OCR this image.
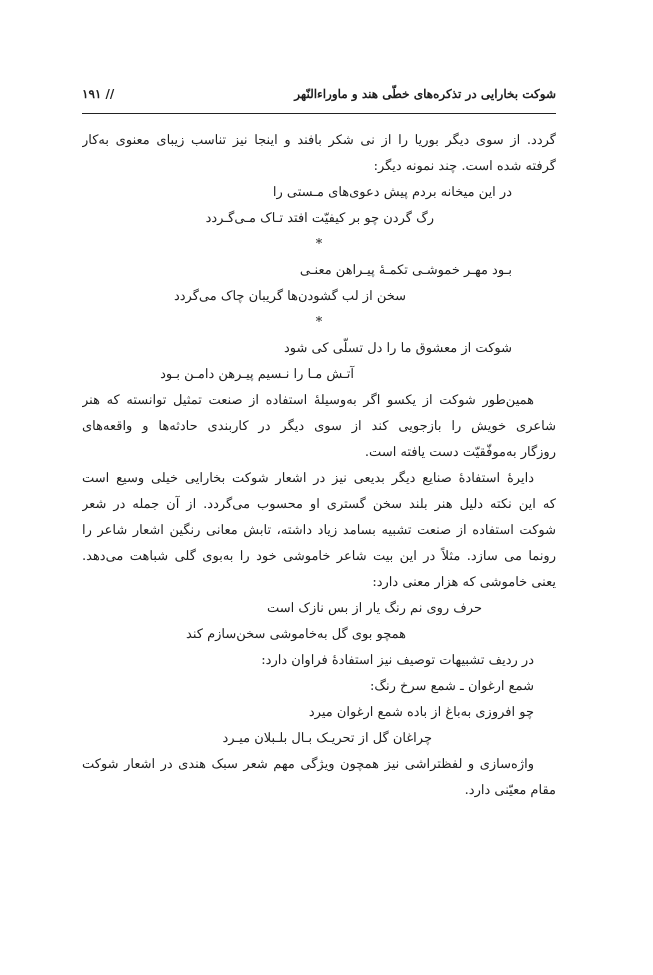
شوکت بخارایی در تذکره‌های خطّی هند و ماوراءالنّهر
// ۱۹۱
گردد. از سوی دیگر بوریا را از نی شکر بافند و اینجا نیز تناسب زیبای معنوی به‌کار
گرفته شده است. چند نمونه دیگر:
در این میخانه بردم پیش دعوی‌های مـستی را
رگ گردن چو بر کیفیّت افتد تـاک مـی‌گـردد
*
بـود مهـر خموشـی تکمـۀ پیـراهن معنـی
سخن از لب گشودن‌ها گریبان چاک می‌گردد
*
شوکت از معشوق ما را دل تسلّی کی شود
آتـش مـا را نـسیم پیـرهن دامـن بـود
همین‌طور شوکت از یکسو اگر به‌وسیلۀ استفاده از صنعت تمثیل توانسته که هنر
شاعری خویش را بازجویی کند از سوی دیگر در کاربندی حادثه‌ها و واقعه‌های
روزگار به‌موفّقیّت دست یافته است.
دایرۀ استفادۀ صنایع دیگر بدیعی نیز در اشعار شوکت بخارایی خیلی وسیع است
که این نکته دلیل هنر بلند سخن گستری او محسوب می‌گردد. از آن جمله در شعر
شوکت استفاده از صنعت تشبیه بسامد زیاد داشته، تابش معانی رنگین اشعار شاعر را
رونما می سازد. مثلاً در این بیت شاعر خاموشی خود را به‌بوی گلی شباهت می‌دهد.
یعنی خاموشی که هزار معنی دارد:
حرف روی نم رنگ یار از بس نازک است
همچو بوی گل به‌خاموشی سخن‌سازم کند
در ردیف تشبیهات توصیف نیز استفادۀ فراوان دارد:
شمع ارغوان ـ شمع سرخ رنگ:
چو افروزی به‌باغ از باده شمع ارغوان میرد
چراغان گل از تحریـک بـال بلـبلان میـرد
واژه‌سازی و لفظتراشی نیز همچون ویژگی مهم شعر سبک هندی در اشعار شوکت
مقام معیّنی دارد.
